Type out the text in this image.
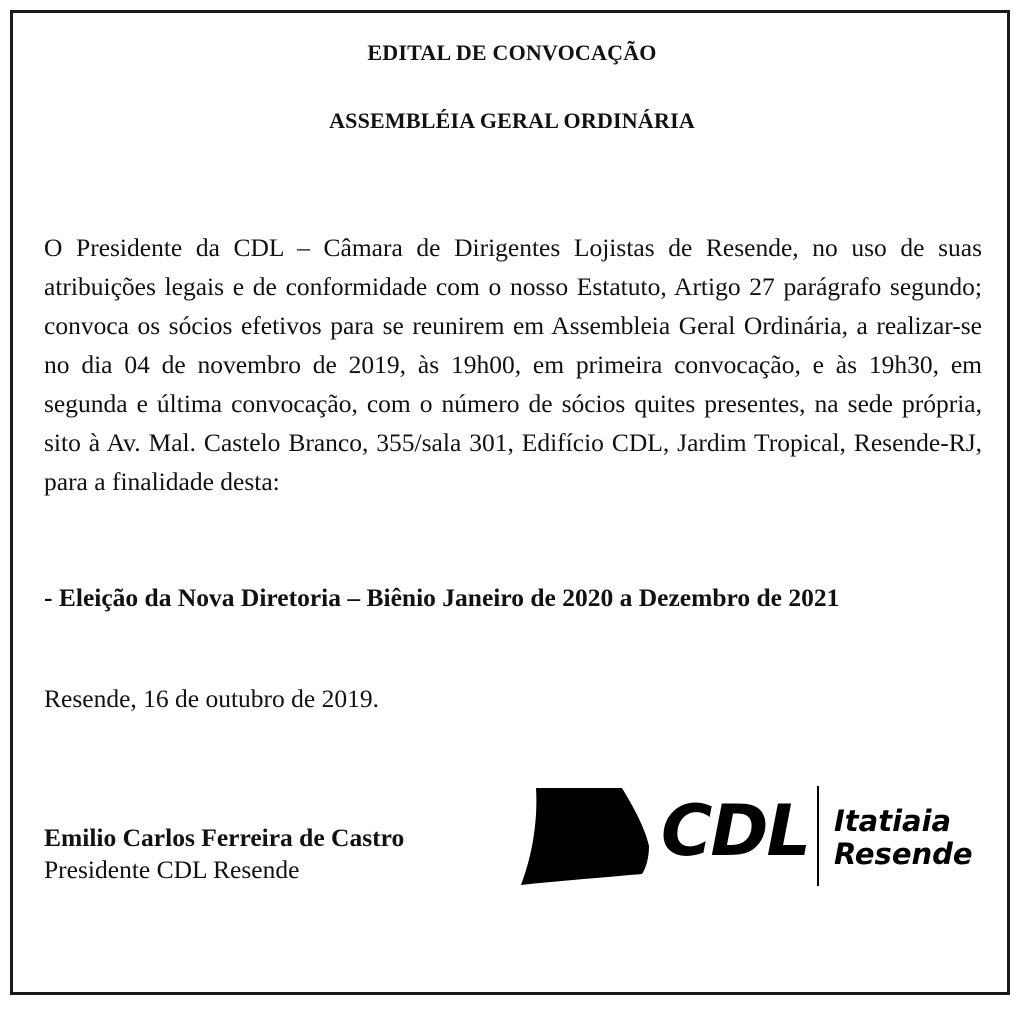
EDITAL DE CONVOCAÇÃO
ASSEMBLÉIA GERAL ORDINÁRIA

O Presidente da CDL – Câmara de Dirigentes Lojistas de Resende, no uso de suas atribuições legais e de conformidade com o nosso Estatuto, Artigo 27 parágrafo segundo; convoca os sócios efetivos para se reunirem em Assembleia Geral Ordinária, a realizar-se no dia 04 de novembro de 2019, às 19h00, em primeira convocação, e às 19h30, em segunda e última convocação, com o número de sócios quites presentes, na sede própria, sito à Av. Mal. Castelo Branco, 355/sala 301, Edifício CDL, Jardim Tropical, Resende-RJ, para a finalidade desta:

- Eleição da Nova Diretoria – Biênio Janeiro de 2020 a Dezembro de 2021
Resende, 16 de outubro de 2019.
Emilio Carlos Ferreira de Castro
Presidente CDL Resende	CDL Itatiaia
Resende
